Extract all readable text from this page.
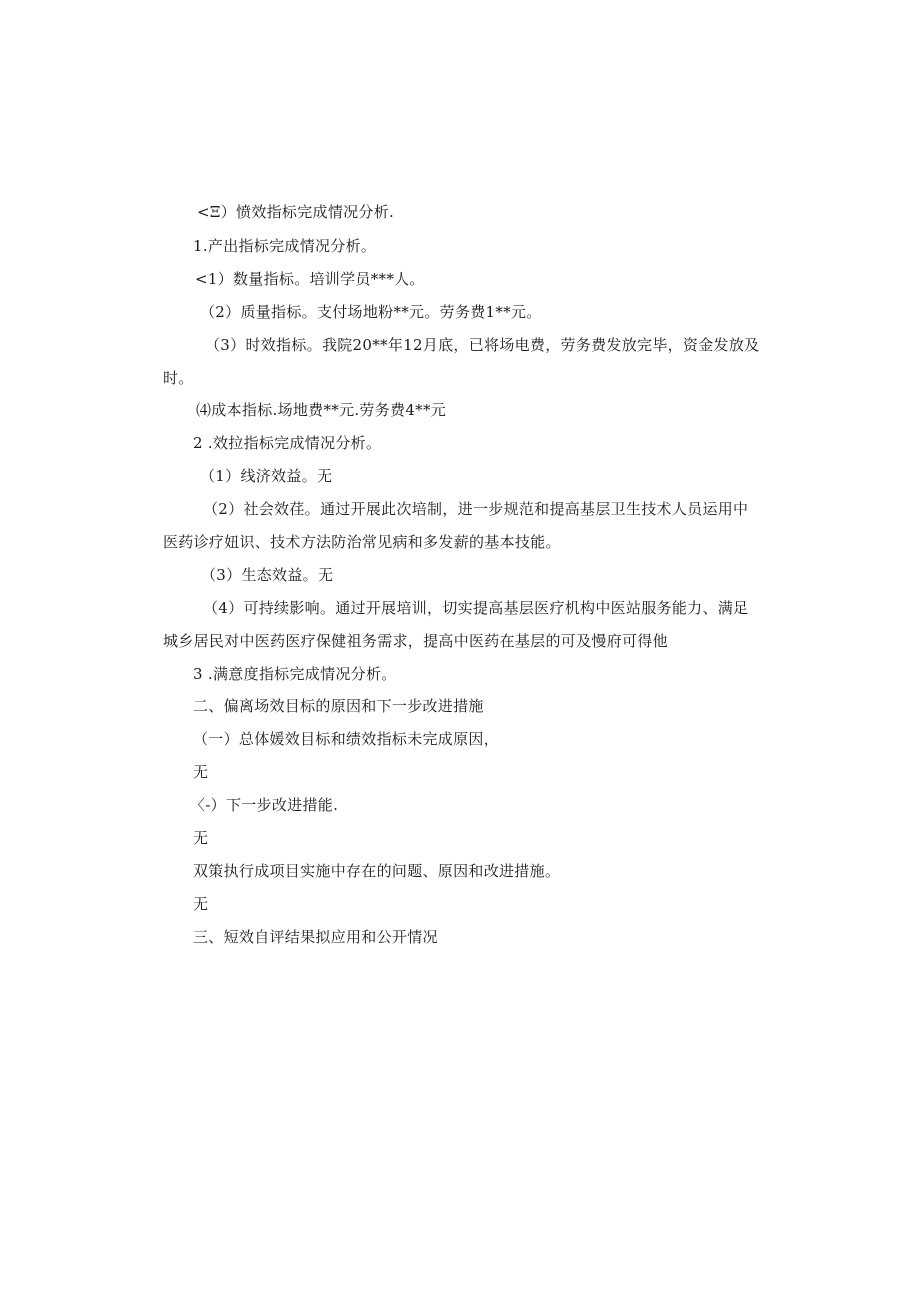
<Ξ）愤效指标完成情况分析.
1.产出指标完成情况分析。
<1）数量指标。培训学员***人。
（2）质量指标。支付场地粉**元。劳务费1**元。
（3）时效指标。我院20**年12月底，已将场电费，劳务费发放完毕，资金发放及
时。
⑷成本指标.场地费**元.劳务费4**元
2 .效拉指标完成情况分析。
（1）线济效益。无
（2）社会效荏。通过开展此次培制，进一步规范和提高基层卫生技术人员运用中
医药诊疗妞识、技术方法防治常见病和多发薪的基本技能。
（3）生态效益。无
（4）可持续影响。通过开展培训，切实提高基层医疗机构中医站服务能力、满足
城乡居民对中医药医疗保健祖务需求，提高中医药在基层的可及慢府可得他
3 .满意度指标完成情况分析。
二、偏离场效目标的原因和下一步改进措施
（一）总体媛效目标和绩效指标未完成原因，
无
〈-）下一步改进措能.
无
双策执行成项目实施中存在的问题、原因和改进措施。
无
三、短效自评结果拟应用和公开情况
